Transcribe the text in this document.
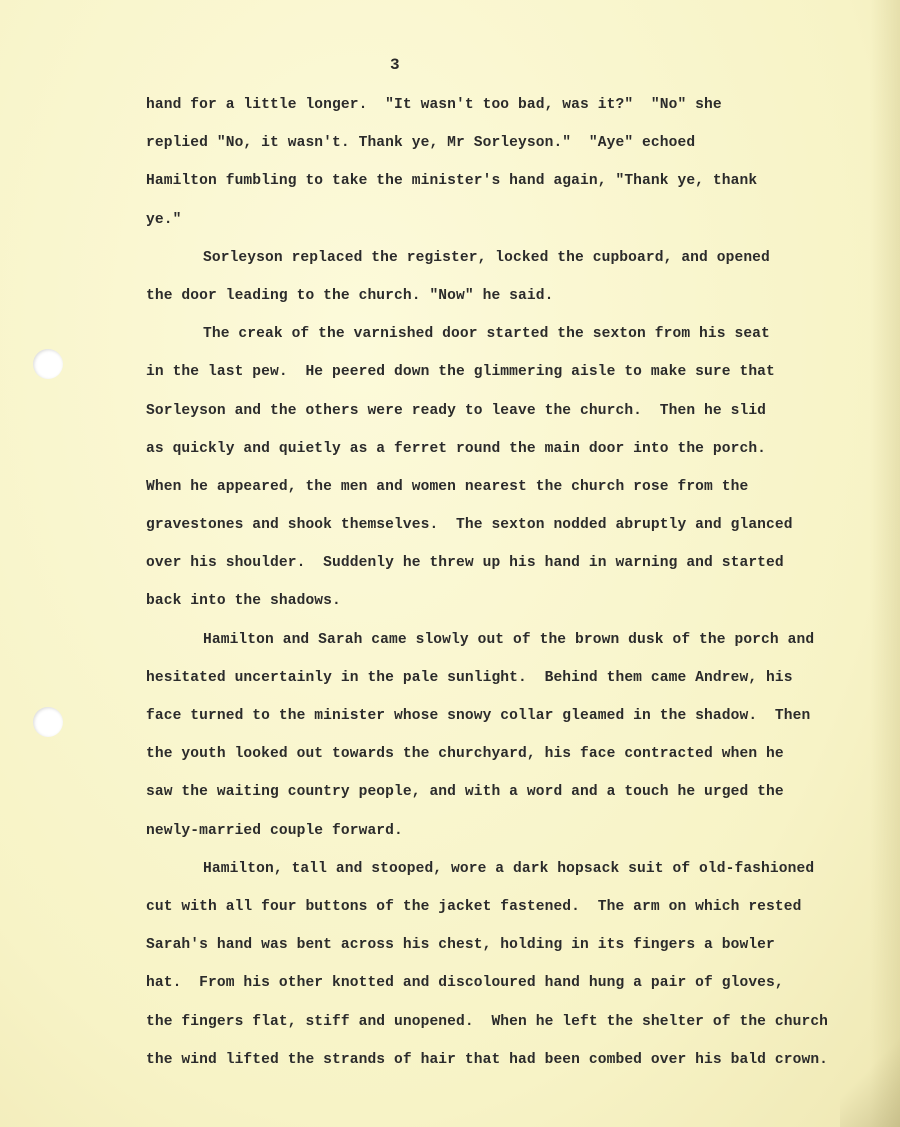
3
hand for a little longer.  "It wasn't too bad, was it?"  "No" she
replied "No, it wasn't. Thank ye, Mr Sorleyson."  "Aye" echoed
Hamilton fumbling to take the minister's hand again, "Thank ye, thank
ye."
Sorleyson replaced the register, locked the cupboard, and opened
the door leading to the church. "Now" he said.
The creak of the varnished door started the sexton from his seat
in the last pew.  He peered down the glimmering aisle to make sure that
Sorleyson and the others were ready to leave the church.  Then he slid
as quickly and quietly as a ferret round the main door into the porch.
When he appeared, the men and women nearest the church rose from the
gravestones and shook themselves.  The sexton nodded abruptly and glanced
over his shoulder.  Suddenly he threw up his hand in warning and started
back into the shadows.
Hamilton and Sarah came slowly out of the brown dusk of the porch and
hesitated uncertainly in the pale sunlight.  Behind them came Andrew, his
face turned to the minister whose snowy collar gleamed in the shadow.  Then
the youth looked out towards the churchyard, his face contracted when he
saw the waiting country people, and with a word and a touch he urged the
newly-married couple forward.
Hamilton, tall and stooped, wore a dark hopsack suit of old-fashioned
cut with all four buttons of the jacket fastened.  The arm on which rested
Sarah's hand was bent across his chest, holding in its fingers a bowler
hat.  From his other knotted and discoloured hand hung a pair of gloves,
the fingers flat, stiff and unopened.  When he left the shelter of the church
the wind lifted the strands of hair that had been combed over his bald crown.
